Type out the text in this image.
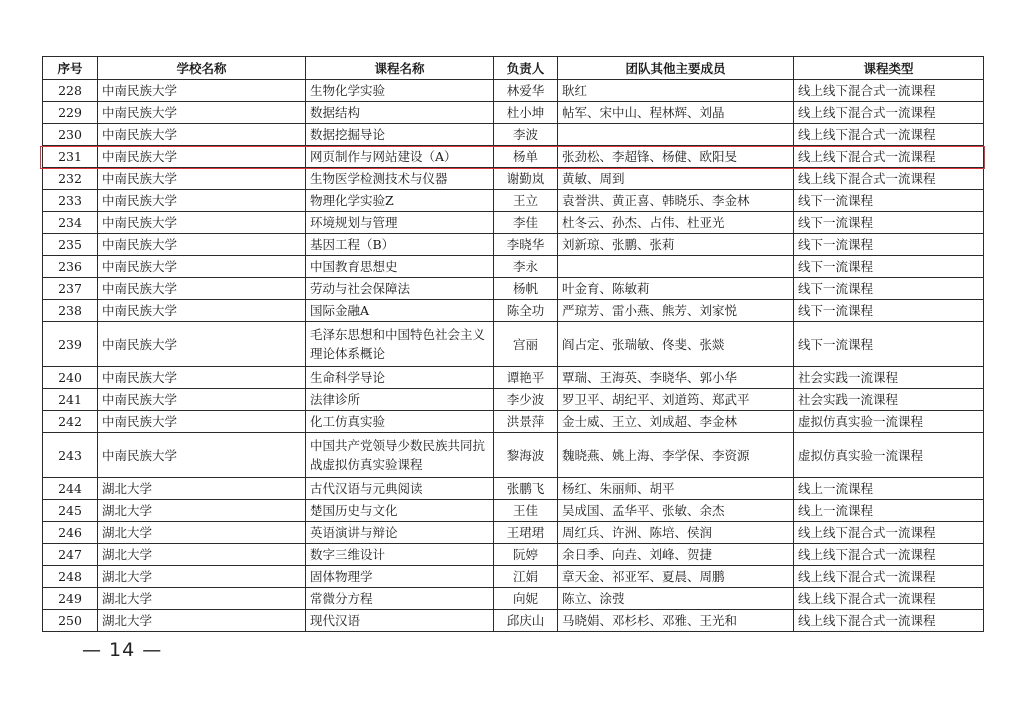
序号	学校名称	课程名称	负责人	团队其他主要成员	课程类型
228	中南民族大学	生物化学实验	林爱华	耿红	线上线下混合式一流课程
229	中南民族大学	数据结构	杜小坤	帖军、宋中山、程林辉、刘晶	线上线下混合式一流课程
230	中南民族大学	数据挖掘导论	李波		线上线下混合式一流课程
231	中南民族大学	网页制作与网站建设（A）	杨单	张劲松、李超锋、杨健、欧阳旻	线上线下混合式一流课程
232	中南民族大学	生物医学检测技术与仪器	谢勤岚	黄敏、周到	线上线下混合式一流课程
233	中南民族大学	物理化学实验Z	王立	袁誉洪、黄正喜、韩晓乐、李金林	线下一流课程
234	中南民族大学	环境规划与管理	李佳	杜冬云、孙杰、占伟、杜亚光	线下一流课程
235	中南民族大学	基因工程（B）	李晓华	刘新琼、张鹏、张莉	线下一流课程
236	中南民族大学	中国教育思想史	李永		线下一流课程
237	中南民族大学	劳动与社会保障法	杨帆	叶金育、陈敏莉	线下一流课程
238	中南民族大学	国际金融A	陈全功	严琼芳、雷小燕、熊芳、刘家悦	线下一流课程
239	中南民族大学	毛泽东思想和中国特色社会主义理论体系概论	宫丽	阎占定、张瑞敏、佟斐、张燚	线下一流课程
240	中南民族大学	生命科学导论	谭艳平	覃瑞、王海英、李晓华、郭小华	社会实践一流课程
241	中南民族大学	法律诊所	李少波	罗卫平、胡纪平、刘道筠、郑武平	社会实践一流课程
242	中南民族大学	化工仿真实验	洪景萍	金士威、王立、刘成超、李金林	虚拟仿真实验一流课程
243	中南民族大学	中国共产党领导少数民族共同抗战虚拟仿真实验课程	黎海波	魏晓燕、姚上海、李学保、李资源	虚拟仿真实验一流课程
244	湖北大学	古代汉语与元典阅读	张鹏飞	杨红、朱丽师、胡平	线上一流课程
245	湖北大学	楚国历史与文化	王佳	吴成国、孟华平、张敏、余杰	线上一流课程
246	湖北大学	英语演讲与辩论	王珺珺	周红兵、许洲、陈培、侯润	线上线下混合式一流课程
247	湖北大学	数字三维设计	阮婷	余日季、向垚、刘峰、贺捷	线上线下混合式一流课程
248	湖北大学	固体物理学	江娟	章天金、祁亚军、夏晨、周鹏	线上线下混合式一流课程
249	湖北大学	常微分方程	向妮	陈立、涂弢	线上线下混合式一流课程
250	湖北大学	现代汉语	邱庆山	马晓娟、邓杉杉、邓雅、王光和	线上线下混合式一流课程
— 14 —
